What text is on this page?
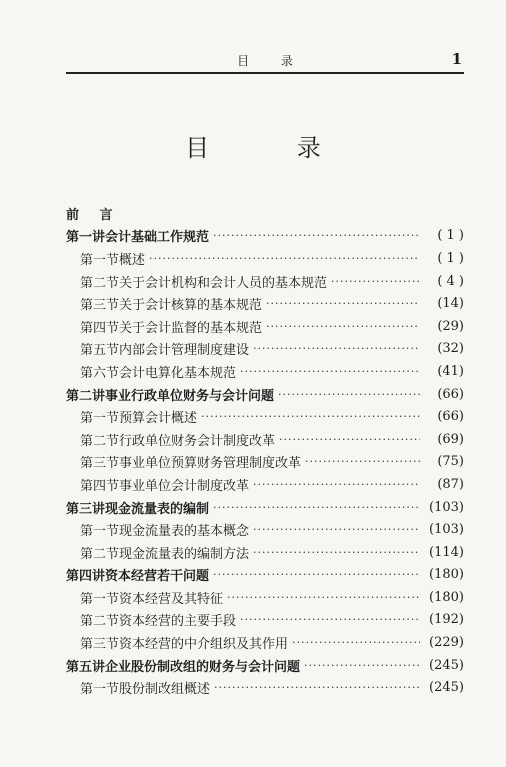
目 录	1
目 录
前 言
第一讲 会计基础工作规范 ·····	( 1 )
第一节 概述 ·····	( 1 )
第二节 关于会计机构和会计人员的基本规范 ·····	( 4 )
第三节 关于会计核算的基本规范 ·····	(14)
第四节 关于会计监督的基本规范 ·····	(29)
第五节 内部会计管理制度建设 ·····	(32)
第六节 会计电算化基本规范 ·····	(41)
第二讲 事业行政单位财务与会计问题 ·····	(66)
第一节 预算会计概述 ·····	(66)
第二节 行政单位财务会计制度改革 ·····	(69)
第三节 事业单位预算财务管理制度改革 ·····	(75)
第四节 事业单位会计制度改革 ·····	(87)
第三讲 现金流量表的编制 ·····	(103)
第一节 现金流量表的基本概念 ·····	(103)
第二节 现金流量表的编制方法 ·····	(114)
第四讲 资本经营若干问题 ·····	(180)
第一节 资本经营及其特征 ·····	(180)
第二节 资本经营的主要手段 ·····	(192)
第三节 资本经营的中介组织及其作用 ·····	(229)
第五讲 企业股份制改组的财务与会计问题 ·····	(245)
第一节 股份制改组概述 ·····	(245)
